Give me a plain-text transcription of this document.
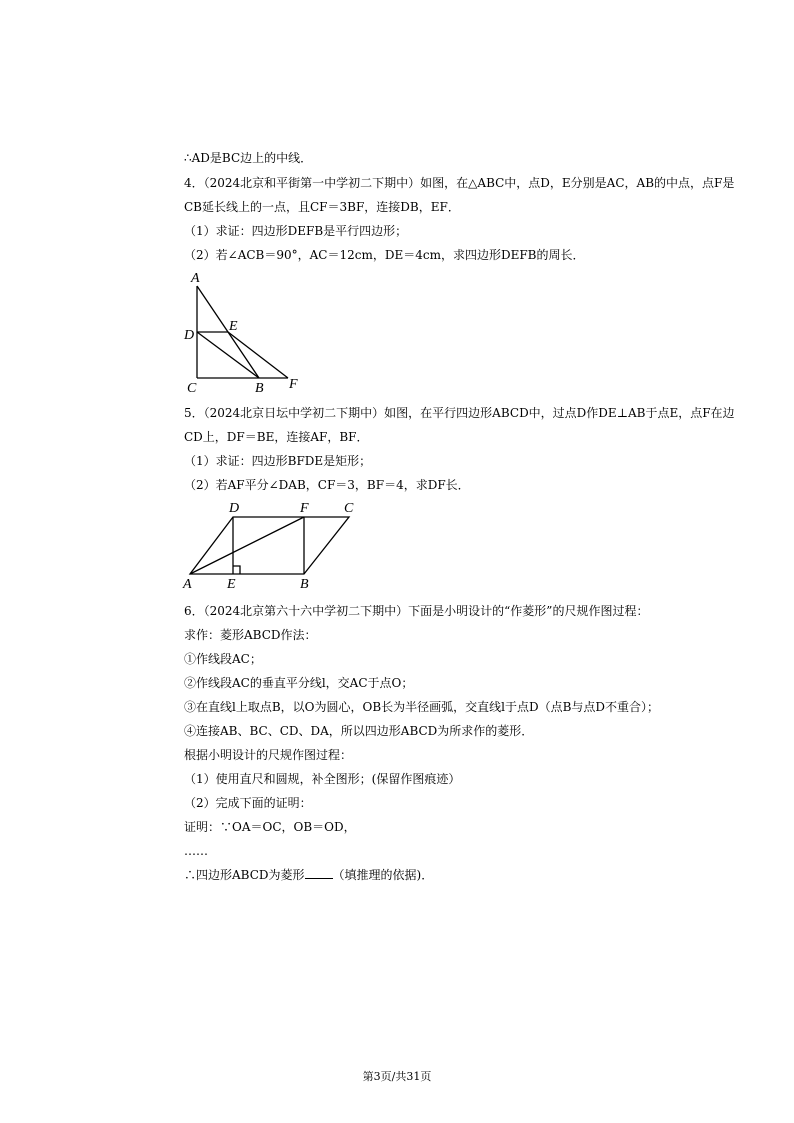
∴AD是BC边上的中线．
4．（2024北京和平街第一中学初二下期中）如图，在△ABC中，点D，E分别是AC，AB的中点，点F是
CB延长线上的一点，且CF＝3BF，连接DB，EF．
（1）求证：四边形DEFB是平行四边形；
（2）若∠ACB＝90°，AC＝12cm，DE＝4cm，求四边形DEFB的周长．
A
D
E
C	B F
5．（2024北京日坛中学初二下期中）如图，在平行四边形ABCD中，过点D作DE⊥AB于点E，点F在边
CD上，DF＝BE，连接AF，BF．
（1）求证：四边形BFDE是矩形；
（2）若AF平分∠DAB，CF＝3，BF＝4，求DF长．
D	F	C
A	E	B
6．（2024北京第六十六中学初二下期中）下面是小明设计的“作菱形”的尺规作图过程：
求作：菱形ABCD作法：
①作线段AC；
②作线段AC的垂直平分线l，交AC于点O；
③在直线l上取点B，以O为圆心，OB长为半径画弧，交直线l于点D（点B与点D不重合）；
④连接AB、BC、CD、DA，所以四边形ABCD为所求作的菱形．
根据小明设计的尺规作图过程：
（1）使用直尺和圆规，补全图形；(保留作图痕迹）
（2）完成下面的证明：
证明：∵OA＝OC，OB＝OD，
……
∴四边形ABCD为菱形 （填推理的依据)．
第3页/共31页
